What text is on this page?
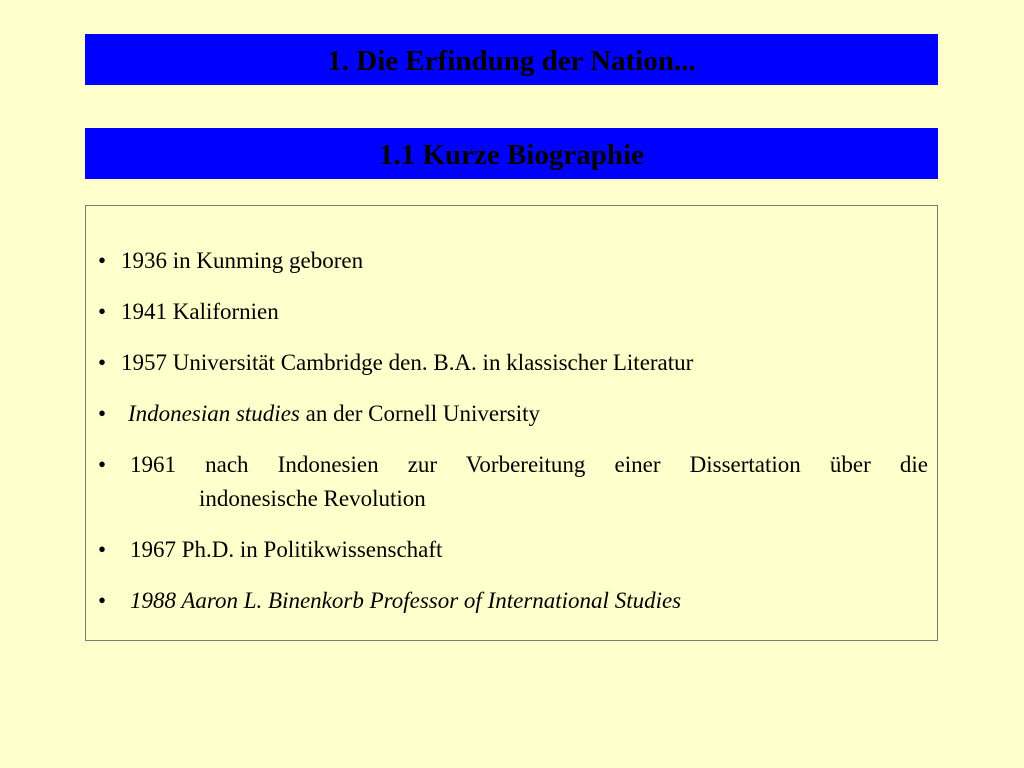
1. Die Erfindung der Nation...
1.1 Kurze Biographie
• 1936 in Kunming geboren
• 1941 Kalifornien
• 1957 Universität Cambridge den. B.A. in klassischer Literatur
• Indonesian studies an der Cornell University
• 1961 nach Indonesien zur Vorbereitung einer Dissertation über die
indonesische Revolution
• 1967 Ph.D. in Politikwissenschaft
• 1988 Aaron L. Binenkorb Professor of International Studies
